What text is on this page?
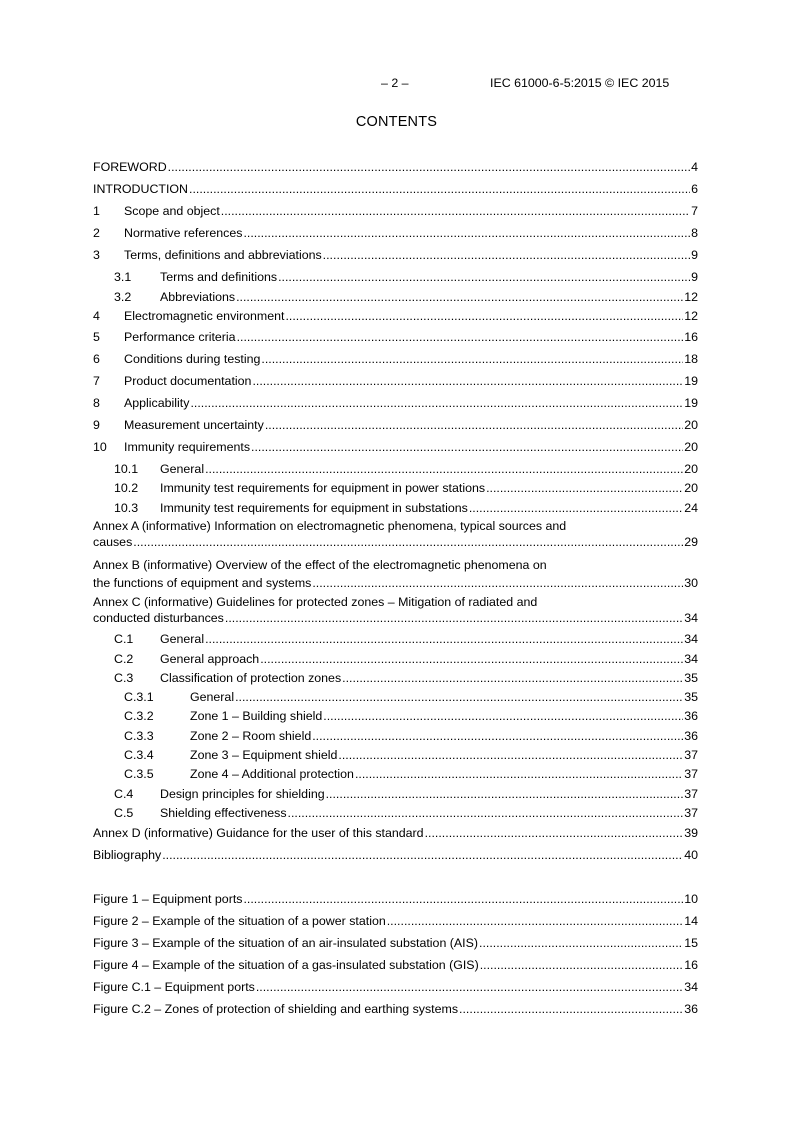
– 2 –	IEC 61000-6-5:2015 © IEC 2015
CONTENTS
FOREWORD .....	4
INTRODUCTION .....	6
1	Scope and object .....	7
2	Normative references .....	8
3	Terms, definitions and abbreviations .....	9
3.1	Terms and definitions .....	9
3.2	Abbreviations .....	12
4	Electromagnetic environment .....	12
5	Performance criteria .....	16
6	Conditions during testing .....	18
7	Product documentation .....	19
8	Applicability .....	19
9	Measurement uncertainty .....	20
10	Immunity requirements .....	20
10.1	General .....	20
10.2	Immunity test requirements for equipment in power stations .....	20
10.3	Immunity test requirements for equipment in substations .....	24
Annex A (informative) Information on electromagnetic phenomena, typical sources and
causes .....	29
Annex B (informative) Overview of the effect of the electromagnetic phenomena on
the functions of equipment and systems .....	30
Annex C (informative) Guidelines for protected zones – Mitigation of radiated and
conducted disturbances .....	34
C.1	General .....	34
C.2	General approach .....	34
C.3	Classification of protection zones .....	35
C.3.1	General .....	35
C.3.2	Zone 1 – Building shield .....	36
C.3.3	Zone 2 – Room shield .....	36
C.3.4	Zone 3 – Equipment shield .....	37
C.3.5	Zone 4 – Additional protection .....	37
C.4	Design principles for shielding .....	37
C.5	Shielding effectiveness .....	37
Annex D (informative) Guidance for the user of this standard .....	39
Bibliography .....	40
Figure 1 – Equipment ports .....	10
Figure 2 – Example of the situation of a power station .....	14
Figure 3 – Example of the situation of an air-insulated substation (AIS) .....	15
Figure 4 – Example of the situation of a gas-insulated substation (GIS) .....	16
Figure C.1 – Equipment ports .....	34
Figure C.2 – Zones of protection of shielding and earthing systems .....	36
